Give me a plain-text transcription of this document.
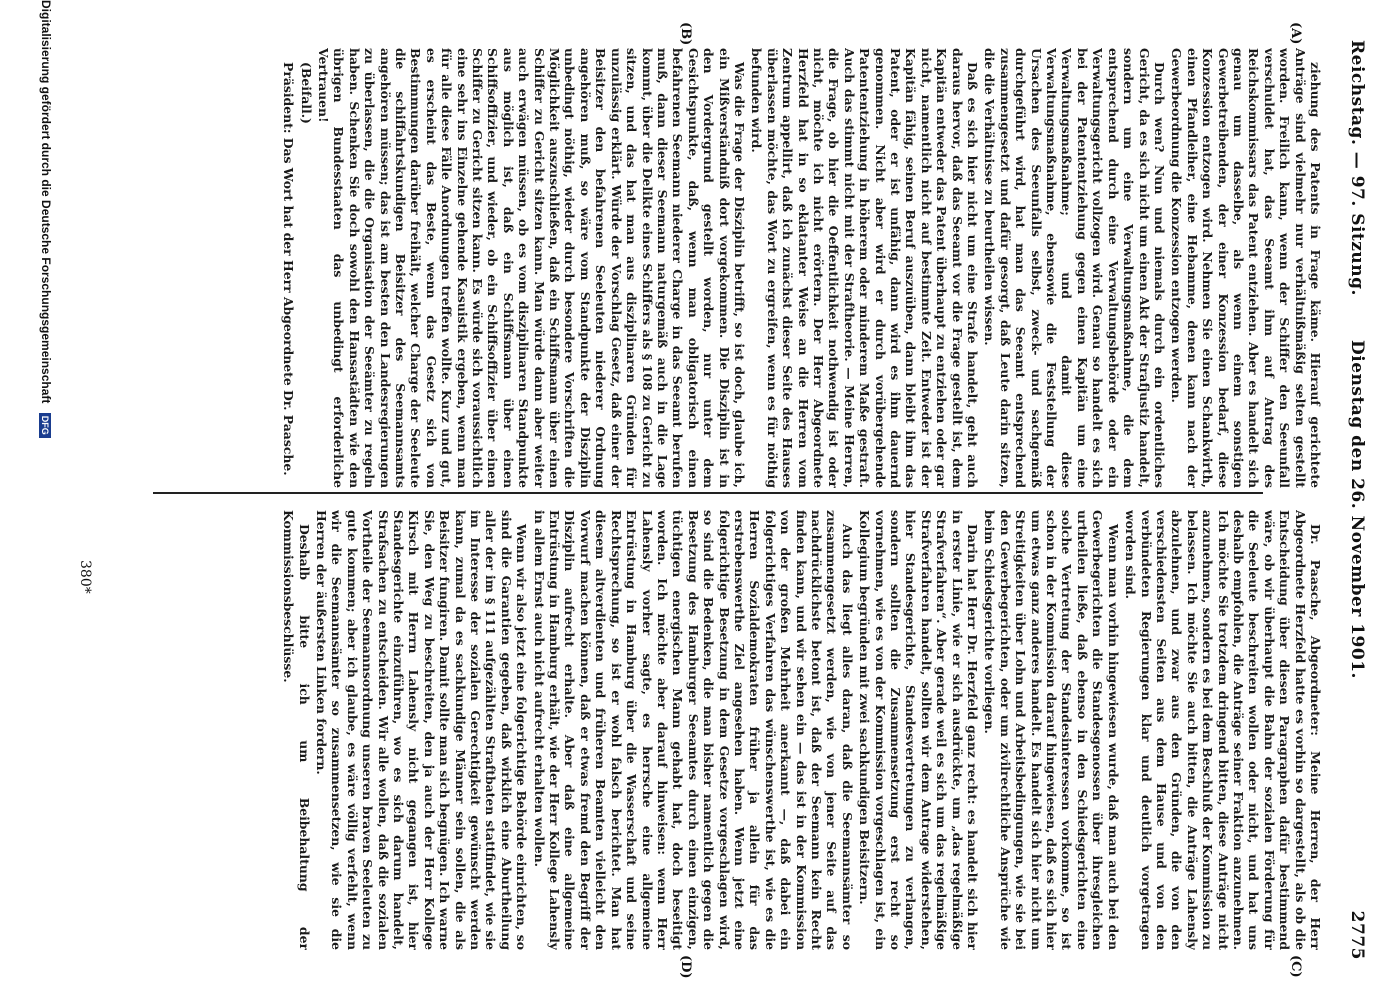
Reichstag. — 97. Sitzung.
Dienstag den 26. November 1901.
2775
(A)
(B)
(C)
(D)

ziehung des Patents in Frage käme. Hierauf gerichtete Anträge sind vielmehr nur verhältnißmäßig selten gestellt worden. Freilich kann, wenn der Schiffer den Seeunfall verschuldet hat, das Seeamt ihm auf Antrag des Reichskommissars das Patent entziehen. Aber es handelt sich genau um dasselbe, als wenn einem sonstigen Gewerbetreibenden, der einer Konzession bedarf, diese Konzession entzogen wird. Nehmen Sie einen Schankwirth, einen Pfandleiher, eine Hebamme, denen kann nach der Gewerbeordnung die Konzession entzogen werden.

Durch wen? Nun und niemals durch ein ordentliches Gericht, da es sich nicht um einen Akt der Strafjustiz handelt, sondern um eine Verwaltungsmaßnahme, die dem entsprechend durch eine Verwaltungsbehörde oder ein Verwaltungsgericht vollzogen wird. Genau so handelt es sich bei der Patententziehung gegen einen Kapitän um eine Verwaltungsmaßnahme; und damit diese Verwaltungsmaßnahme, ebensowie die Feststellung der Ursachen des Seeunfalls selbst, zweck- und sachgemäß durchgeführt wird, hat man das Seeamt entsprechend zusammengesetzt und dafür gesorgt, daß Leute darin sitzen, die die Verhältnisse zu beurtheilen wissen.

Daß es sich hier nicht um eine Strafe handelt, geht auch daraus hervor, daß das Seeamt vor die Frage gestellt ist, dem Kapitän entweder das Patent überhaupt zu entziehen oder gar nicht, namentlich nicht auf bestimmte Zeit. Entweder ist der Kapitän fähig, seinen Beruf auszuüben, dann bleibt ihm das Patent, oder er ist unfähig, dann wird es ihm dauernd genommen. Nicht aber wird er durch vorübergehende Patententziehung in höherem oder minderem Maße gestraft. Auch das stimmt nicht mit der Straftheorie. — Meine Herren, die Frage, ob hier die Oeffentlichkeit nothwendig ist oder nicht, möchte ich nicht erörtern. Der Herr Abgeordnete Herzfeld hat in so eklatanter Weise an die Herren vom Zentrum appellirt, daß ich zunächst dieser Seite des Hauses überlassen möchte, das Wort zu ergreifen, wenn es für nöthig befunden wird.

Was die Frage der Disziplin betrifft, so ist doch, glaube ich, ein Mißverständniß dort vorgekommen. Die Disziplin ist in den Vordergrund gestellt worden, nur unter dem Gesichtspunkte, daß, wenn man obligatorisch einen befahrenen Seemann niederer Charge in das Seeamt berufen muß, dann dieser Seemann naturgemäß auch in die Lage kommt, über die Delikte eines Schiffers als § 108 zu Gericht zu sitzen, und das hat man aus disziplinaren Gründen für unzulässig erklärt. Würde der Vorschlag Gesetz, daß einer der Beisitzer den befahrenen Seeleuten niederer Ordnung angehören muß, so wäre vom Standpunkte der Disziplin unbedingt nöthig, wieder durch besondere Vorschriften die Möglichkeit auszuschließen, daß ein Schiffsmann über einen Schiffer zu Gericht sitzen kann. Man würde dann aber weiter auch erwägen müssen, ob es vom disziplinaren Standpunkte aus möglich ist, daß ein Schiffsmann über einen Schiffsoffizier, und wieder, ob ein Schiffsoffizier über einen Schiffer zu Gericht sitzen kann. Es würde sich voraussichtlich eine sehr ins Einzelne gehende Kasuistik ergeben, wenn man für alle diese Fälle Anordnungen treffen wollte. Kurz und gut, es erscheint das Beste, wenn das Gesetz sich von Bestimmungen darüber freihält, welcher Charge der Seeleute die schiffahrtskundigen Beisitzer des Seemannsamts angehören müssen; das ist am besten den Landesregierungen zu überlassen, die die Organisation der Seeämter zu regeln haben. Schenken Sie doch sowohl den Hansastädten wie den übrigen Bundesstaaten das unbedingt erforderliche Vertrauen!

(Beifall.)

Präsident: Das Wort hat der Herr Abgeordnete Dr. Paasche.

Dr. Paasche, Abgeordneter: Meine Herren, der Herr Abgeordnete Herzfeld hatte es vorhin so dargestellt, als ob die Entscheidung über diesen Paragraphen dafür bestimmend wäre, ob wir überhaupt die Bahn der sozialen Förderung für die Seeleute beschreiten wollen oder nicht, und hat uns deshalb empfohlen, die Anträge seiner Fraktion anzunehmen. Ich möchte Sie trotzdem dringend bitten, diese Anträge nicht anzunehmen, sondern es bei dem Beschluß der Kommission zu belassen. Ich möchte Sie auch bitten, die Anträge Lahensly abzulehnen, und zwar aus den Gründen, die von den verschiedensten Seiten aus dem Hause und von den verbündeten Regierungen klar und deutlich vorgetragen worden sind.

Wenn man vorhin hingewiesen wurde, daß man auch bei den Gewerbegerichten die Standesgenossen über ihresgleichen urtheilen ließe, daß ebenso in den Schiedsgerichten eine solche Vertretung der Standesinteressen vorkomme, so ist schon in der Kommission darauf hingewiesen, daß es sich hier um etwas ganz anderes handelt. Es handelt sich hier nicht um Streitigkeiten über Lohn und Arbeitsbedingungen, wie sie bei den Gewerbegerichten, oder um zivilrechtliche Ansprüche wie beim Schiedsgerichte vorliegen.

Darin hat Herr Dr. Herzfeld ganz recht: es handelt sich hier in erster Linie, wie er sich ausdrückte, um „das regelmäßige Strafverfahren“. Aber gerade weil es sich um das regelmäßige Strafverfahren handelt, sollten wir dem Antrage widerstehen, hier Standesgerichte, Standesvertretungen zu verlangen, sondern sollten die Zusammensetzung erst recht so vornehmen, wie es von der Kommission vorgeschlagen ist, ein Kollegium begründen mit zwei sachkundigen Beisitzern.

Auch das liegt alles daran, daß die Seemannsämter so zusammengesetzt werden, wie von jener Seite auf das nachdrücklichste betont ist, daß der Seemann kein Recht finden kann, und wir sehen ein — das ist in der Kommission von der großen Mehrheit anerkannt —, daß dabei ein folgerichtiges Verfahren das wünschenswerthe ist, wie es die Herren Sozialdemokraten früher ja allein für das erstrebenswerthe Ziel angesehen haben. Wenn jetzt eine folgerichtige Besetzung in dem Gesetze vorgeschlagen wird, so sind die Bedenken, die man bisher namentlich gegen die Besetzung des Hamburger Seeamtes durch einen einzigen, tüchtigen energischen Mann gehabt hat, doch beseitigt worden. Ich möchte aber darauf hinweisen: wenn Herr Lahensly vorher sagte, es herrsche eine allgemeine Entrüstung in Hamburg über die Wasserschaft und seine Rechtsprechung, so ist er wohl falsch berichtet. Man hat diesem altverdienten und früheren Beamten vielleicht den Vorwurf machen können, daß er etwas fremd den Begriff der Disziplin aufrecht erhalte. Aber daß eine allgemeine Entrüstung in Hamburg erhält, wie der Herr Kollege Lahensly in allem Ernst auch nicht aufrecht erhalten wollen.

Wenn wir also jetzt eine folgerichtige Behörde einrichten, so sind die Garantien gegeben, daß wirklich eine Aburtheilung aller der im § 111 aufgezählten Straftbaten stattfindet, wie sie im Interesse der sozialen Gerechtigkeit gewünscht werden kann, zumal da es sachkundige Männer sein sollen, die als Beisitzer fungiren. Damit sollte man sich begnügen. Ich warne Sie, den Weg zu beschreiten, den ja auch der Herr Kollege Kirsch mit Herrn Lahensly nicht gegangen ist, hier Standesgerichte einzuführen, wo es sich darum handelt, Strafsachen zu entscheiden. Wir alle wollen, daß die sozialen Vortheile der Seemannsordnung unseren braven Seeleuten zu gute kommen; aber ich glaube, es wäre völlig verfehlt, wenn wir die Seemannsämter so zusammensetzen, wie sie die Herren der äußersten Linken fordern.

Deshalb bitte ich um Beibehaltung der Kommissionsbeschlüsse.

380*
Digitalisierung gefördert durch die Deutsche Forschungsgemeinschaft DFG
